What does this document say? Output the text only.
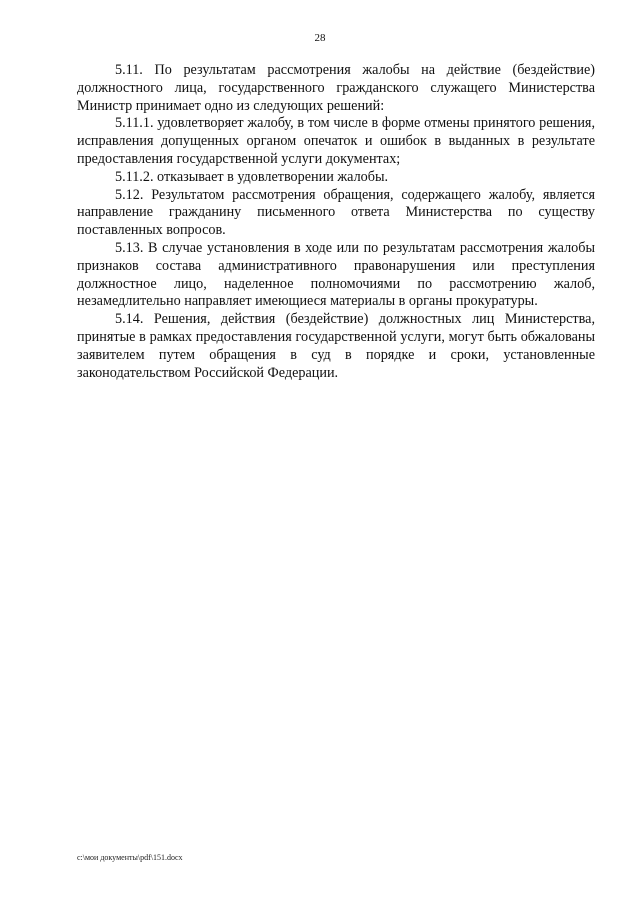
28

5.11. По результатам рассмотрения жалобы на действие (бездействие) должностного лица, государственного гражданского служащего Министерства Министр принимает одно из следующих решений:

5.11.1. удовлетворяет жалобу, в том числе в форме отмены принятого решения, исправления допущенных органом опечаток и ошибок в выданных в результате предоставления государственной услуги документах;

5.11.2. отказывает в удовлетворении жалобы.

5.12. Результатом рассмотрения обращения, содержащего жалобу, является направление гражданину письменного ответа Министерства по существу поставленных вопросов.

5.13. В случае установления в ходе или по результатам рассмотрения жалобы признаков состава административного правонарушения или преступления должностное лицо, наделенное полномочиями по рассмотрению жалоб, незамедлительно направляет имеющиеся материалы в органы прокуратуры.

5.14. Решения, действия (бездействие) должностных лиц Министерства, принятые в рамках предоставления государственной услуги, могут быть обжалованы заявителем путем обращения в суд в порядке и сроки, установленные законодательством Российской Федерации.

c:\мои документы\pdf\151.docx
